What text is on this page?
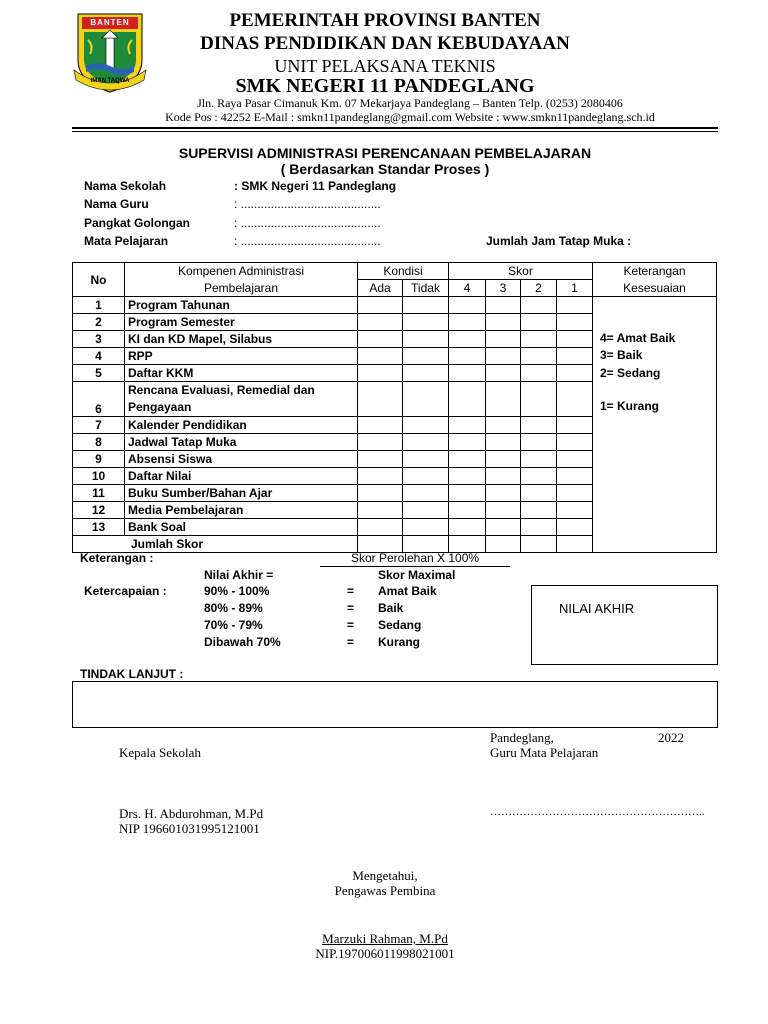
BANTEN
IMAN TAQWA
PEMERINTAH PROVINSI BANTEN
DINAS PENDIDIKAN DAN KEBUDAYAAN
UNIT PELAKSANA TEKNIS
SMK NEGERI 11 PANDEGLANG
Jln. Raya Pasar Cimanuk Km. 07 Mekarjaya Pandeglang – Banten Telp. (0253) 2080406
Kode Pos : 42252 E-Mail : smkn11pandeglang@gmail.com Website : www.smkn11pandeglang.sch.id
SUPERVISI ADMINISTRASI PERENCANAAN PEMBELAJARAN
( Berdasarkan Standar Proses )
Nama Sekolah	: SMK Negeri 11 Pandeglang
Nama Guru	: ..........................................
Pangkat Golongan	: ..........................................
Mata Pelajaran	: ..........................................	Jumlah Jam Tatap Muka :
No	Kompenen Administrasi	Kondisi		Skor				Keterangan
	Pembelajaran	Ada	Tidak	4	3	2	1	Kesesuaian
1	Program Tahunan							
2	Program Semester							
3	KI dan KD Mapel, Silabus							
4	RPP							
5	Daftar KKM							
6	Rencana Evaluasi, Remedial dan
Pengayaan							

7	Kalender Pendidikan							
8	Jadwal Tatap Muka							
9	Absensi Siswa							
10	Daftar Nilai							
11	Buku Sumber/Bahan Ajar							
12	Media Pembelajaran							
13	Bank Soal							
Jumlah Skor								
4= Amat Baik
3= Baik
2= Sedang
1= Kurang
Keterangan :	Skor Perolehan X 100%
Nilai Akhir =	Skor Maximal
Ketercapaian :	90% - 100%	= Amat Baik
80% - 89%	= Baik
70% - 79%	= Sedang
Dibawah 70%	= Kurang
NILAI AKHIR
TINDAK LANJUT :
Pandeglang,	2022
Kepala Sekolah	Guru Mata Pelajaran
Drs. H. Abdurohman, M.Pd	…………………………………………………..
NIP 196601031995121001
Mengetahui,
Pengawas Pembina
Marzuki Rahman, M.Pd
NIP.197006011998021001
